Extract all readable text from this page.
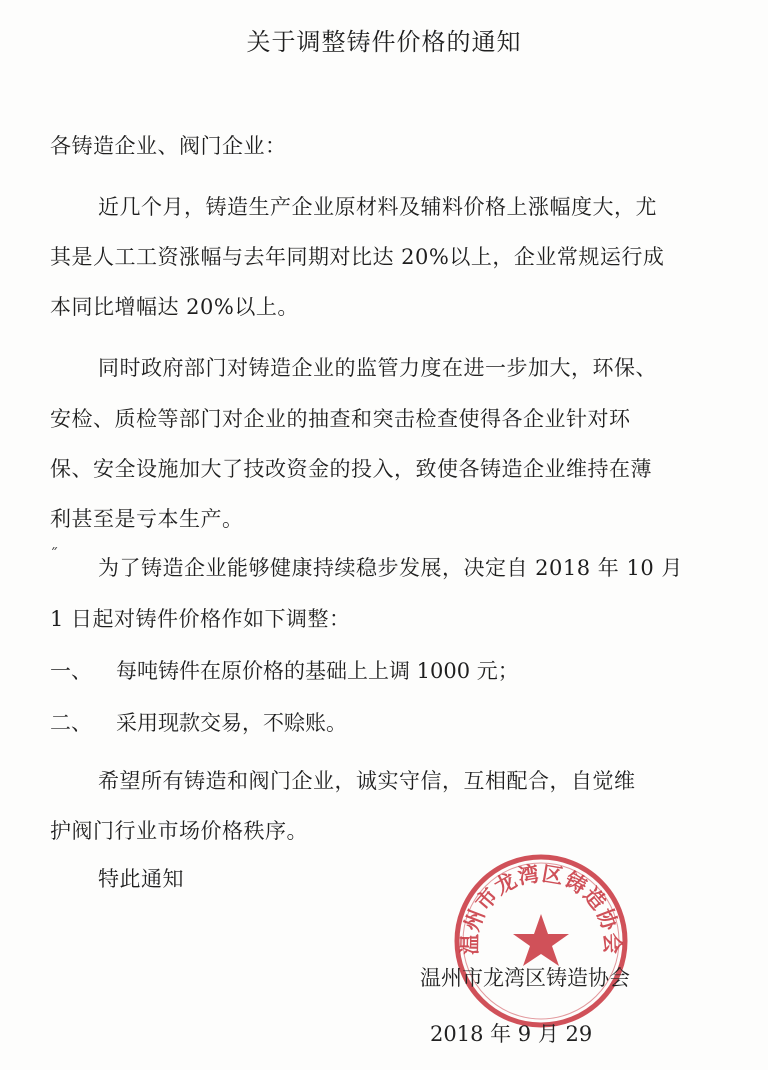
关于调整铸件价格的通知
各铸造企业、阀门企业：
近几个月，铸造生产企业原材料及辅料价格上涨幅度大，尤
其是人工工资涨幅与去年同期对比达 20%以上，企业常规运行成
本同比增幅达 20%以上。
同时政府部门对铸造企业的监管力度在进一步加大，环保、
安检、质检等部门对企业的抽查和突击检查使得各企业针对环
保、安全设施加大了技改资金的投入，致使各铸造企业维持在薄
利甚至是亏本生产。
˝
为了铸造企业能够健康持续稳步发展，决定自 2018 年 10 月
1 日起对铸件价格作如下调整：
一、 每吨铸件在原价格的基础上上调 1000 元；
二、 采用现款交易，不赊账。
希望所有铸造和阀门企业，诚实守信，互相配合，自觉维
护阀门行业市场价格秩序。
特此通知
温州市龙湾区铸造协会
温州市龙湾区铸造协会
2018 年 9 月 29
